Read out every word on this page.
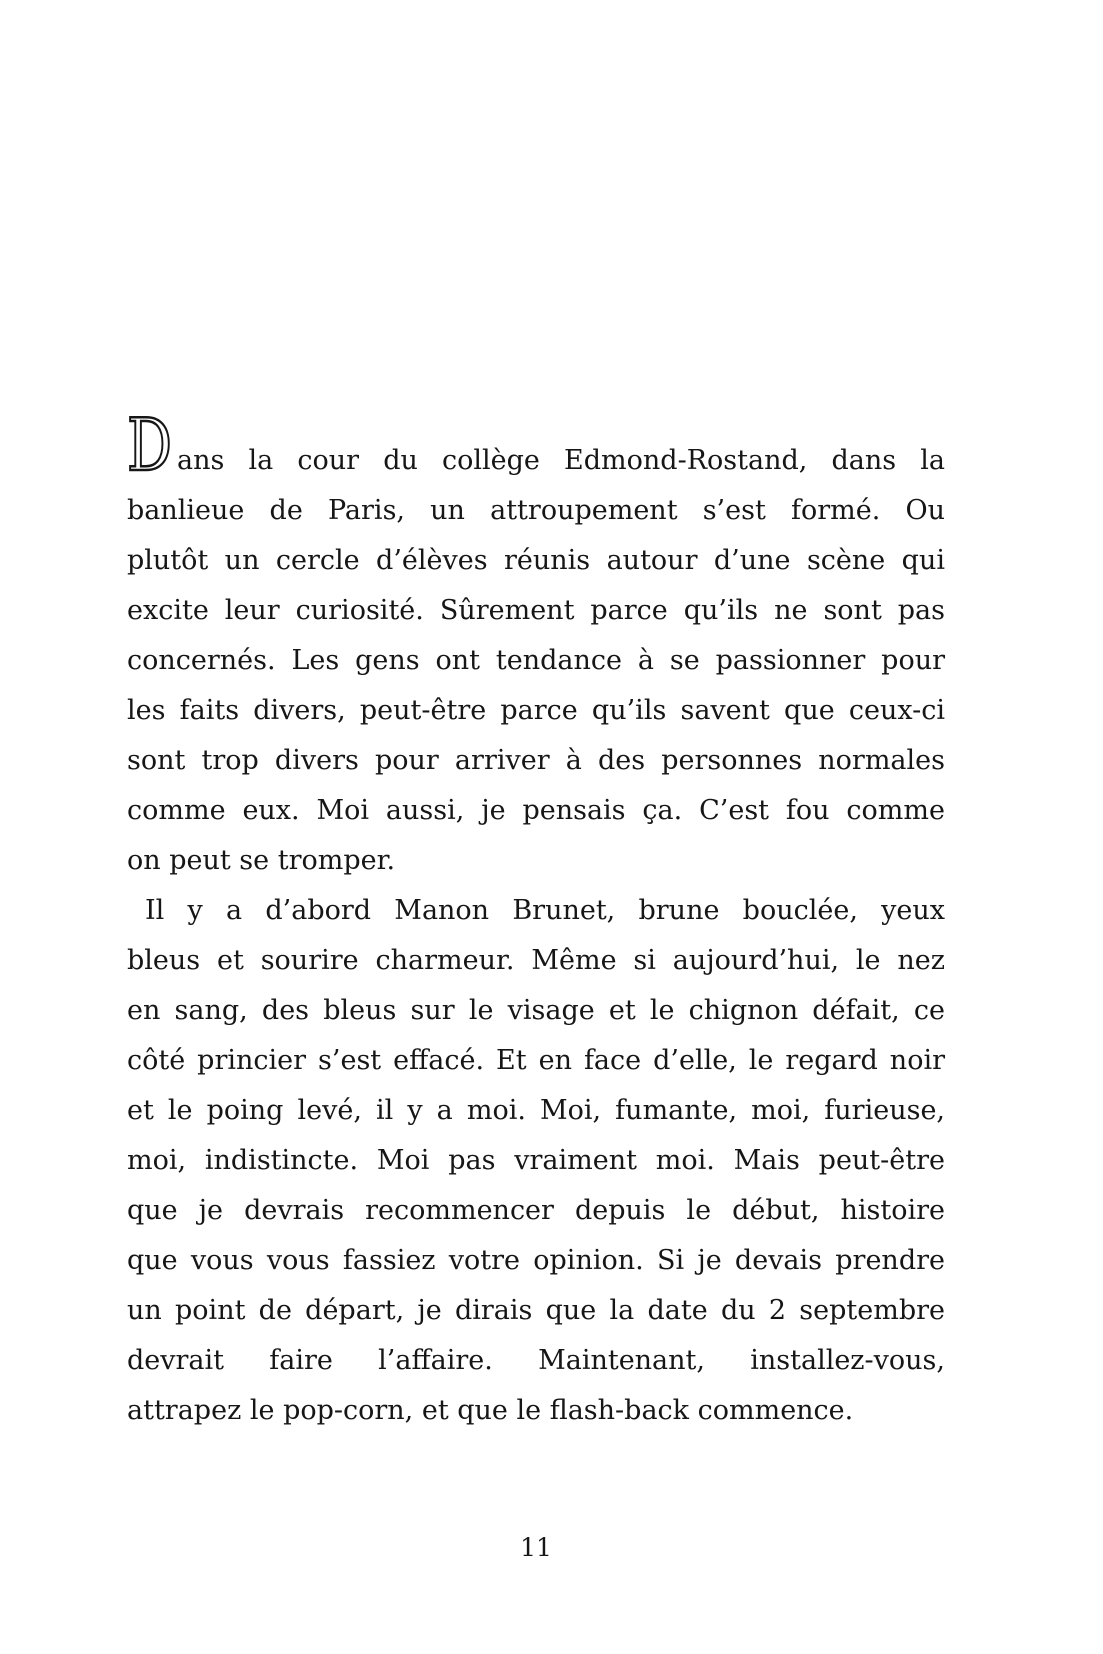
D ans la cour du collège Edmond-Rostand, dans la
banlieue de Paris, un attroupement s’est formé. Ou
plutôt un cercle d’élèves réunis autour d’une scène qui
excite leur curiosité. Sûrement parce qu’ils ne sont pas
concernés. Les gens ont tendance à se passionner pour
les faits divers, peut-être parce qu’ils savent que ceux-ci
sont trop divers pour arriver à des personnes normales
comme eux. Moi aussi, je pensais ça. C’est fou comme
on peut se tromper.
Il y a d’abord Manon Brunet, brune bouclée, yeux
bleus et sourire charmeur. Même si aujourd’hui, le nez
en sang, des bleus sur le visage et le chignon défait, ce
côté princier s’est effacé. Et en face d’elle, le regard noir
et le poing levé, il y a moi. Moi, fumante, moi, furieuse,
moi, indistincte. Moi pas vraiment moi. Mais peut-être
que je devrais recommencer depuis le début, histoire
que vous vous fassiez votre opinion. Si je devais prendre
un point de départ, je dirais que la date du 2 septembre
devrait faire l’affaire. Maintenant, installez-vous,
attrapez le pop-corn, et que le flash-back commence.
11
